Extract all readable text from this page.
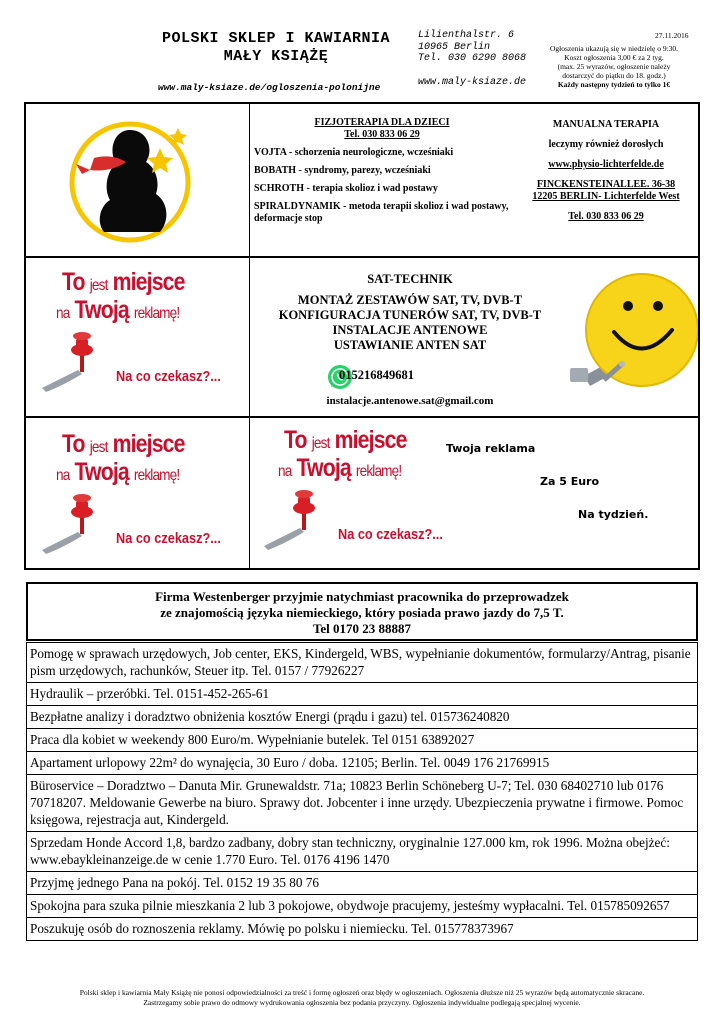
POLSKI SKLEP I KAWIARNIA
MAŁY KSIĄŻĘ
www.maly-ksiaze.de/ogloszenia-polonijne
Lilienthalstr. 6
10965 Berlin
Tel. 030 6290 8068
www.maly-ksiaze.de
27.11.2016
Ogłoszenia ukazują się w niedzielę o 9:30.
Koszt ogłoszenia 3,00 € za 2 tyg.
(max. 25 wyrazów, ogłoszenie należy
dostarczyć do piątku do 18. godz.)
Każdy następny tydzień to tylko 1€
FIZJOTERAPIA DLA DZIECI
Tel. 030 833 06 29

VOJTA - schorzenia neurologiczne, wcześniaki

BOBATH - syndromy, parezy, wcześniaki

SCHROTH - terapia skolioz i wad postawy

SPIRALDYNAMIK - metoda terapii skolioz i wad postawy, deformacje stop

MANUALNA TERAPIA
leczymy również dorosłych
www.physio-lichterfelde.de
FINCKENSTEINALLEE. 36-38
12205 BERLIN- Lichterfelde West
Tel. 030 833 06 29
To jest miejsce
na Twoją reklamę!
Na co czekasz?...
SAT-TECHNIK
MONTAŻ ZESTAWÓW SAT, TV, DVB-T
KONFIGURACJA TUNERÓW SAT, TV, DVB-T
INSTALACJE ANTENOWE
USTAWIANIE ANTEN SAT
015216849681
instalacje.antenowe.sat@gmail.com
To jest miejsce
na Twoją reklamę!
Na co czekasz?...
To jest miejsce
na Twoją reklamę!
Na co czekasz?...
Twoja reklama
Za 5 Euro
Na tydzień.
Firma Westenberger przyjmie natychmiast pracownika do przeprowadzek
ze znajomością języka niemieckiego, który posiada prawo jazdy do 7,5 T.
Tel 0170 23 88887
Pomogę w sprawach urzędowych, Job center, EKS, Kindergeld, WBS, wypełnianie dokumentów, formularzy/Antrag, pisanie pism urzędowych, rachunków, Steuer itp. Tel. 0157 / 77926227
Hydraulik – przeróbki. Tel. 0151-452-265-61
Bezpłatne analizy i doradztwo obniżenia kosztów Energi (prądu i gazu) tel. 015736240820
Praca dla kobiet w weekendy 800 Euro/m. Wypełnianie butelek. Tel 0151 63892027
Apartament urlopowy 22m² do wynajęcia, 30 Euro / doba. 12105; Berlin. Tel. 0049 176 21769915
Büroservice – Doradztwo – Danuta Mir. Grunewaldstr. 71a; 10823 Berlin Schöneberg U-7; Tel. 030 68402710 lub 0176 70718207. Meldowanie Gewerbe na biuro. Sprawy dot. Jobcenter i inne urzędy. Ubezpieczenia prywatne i firmowe. Pomoc księgowa, rejestracja aut, Kindergeld.
Sprzedam Honde Accord 1,8, bardzo zadbany, dobry stan techniczny, oryginalnie 127.000 km, rok 1996. Można obejżeć: www.ebaykleinanzeige.de w cenie 1.770 Euro. Tel. 0176 4196 1470
Przyjmę jednego Pana na pokój. Tel. 0152 19 35 80 76
Spokojna para szuka pilnie mieszkania 2 lub 3 pokojowe, obydwoje pracujemy, jesteśmy wypłacalni. Tel. 015785092657
Poszukuję osób do roznoszenia reklamy. Mówię po polsku i niemiecku. Tel. 015778373967
Polski sklep i kawiarnia Mały Książę nie ponosi odpowiedzialności za treść i formę ogłoszeń oraz błędy w ogłoszeniach. Ogłoszenia dłuższe niż 25 wyrazów będą automatycznie skracane.
Zastrzegamy sobie prawo do odmowy wydrukowania ogłoszenia bez podania przyczyny. Ogłoszenia indywidualne podlegają specjalnej wycenie.
